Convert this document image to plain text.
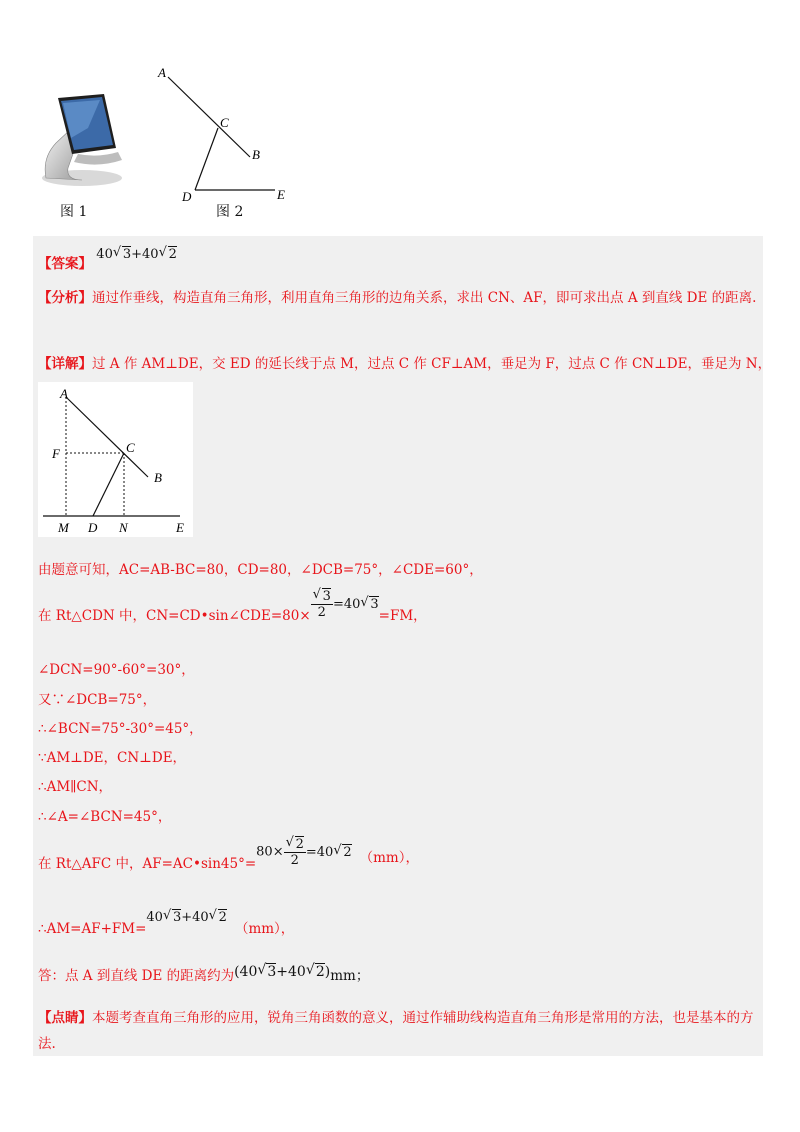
图 1
A
C
B
D	E
图 2
【答案】 40√ 3+40√ 2
【分析】通过作垂线，构造直角三角形，利用直角三角形的边角关系，求出 CN、AF，即可求出点 A 到直线 DE 的距离.
【详解】过 A 作 AM⊥DE，交 ED 的延长线于点 M，过点 C 作 CF⊥AM，垂足为 F，过点 C 作 CN⊥DE，垂足为 N，
A
C
B
F
M D N	E
由题意可知，AC=AB-BC=80，CD=80，∠DCB=75°，∠CDE=60°，
在 Rt△CDN 中，CN=CD•sin∠CDE=80×
√ $\frac{3}{2} =40√$ 3=FM，
∠DCN=90°-60°=30°，
又∵∠DCB=75°，
∴∠BCN=75°-30°=45°，
∵AM⊥DE，CN⊥DE，
∴AM∥CN，
∴∠A=∠BCN=45°，
在 Rt△AFC 中，AF=AC•sin45°=80×
√ $\frac{2}{2} =40√$ 2 （mm），
∴AM=AF+FM=40√ 3+40√ 2（mm），
答：点 A 到直线 DE 的距离约为(40√ 3+40√ 2)mm；
【点睛】本题考查直角三角形的应用，锐角三角函数的意义，通过作辅助线构造直角三角形是常用的方法，也是基本的方法.
